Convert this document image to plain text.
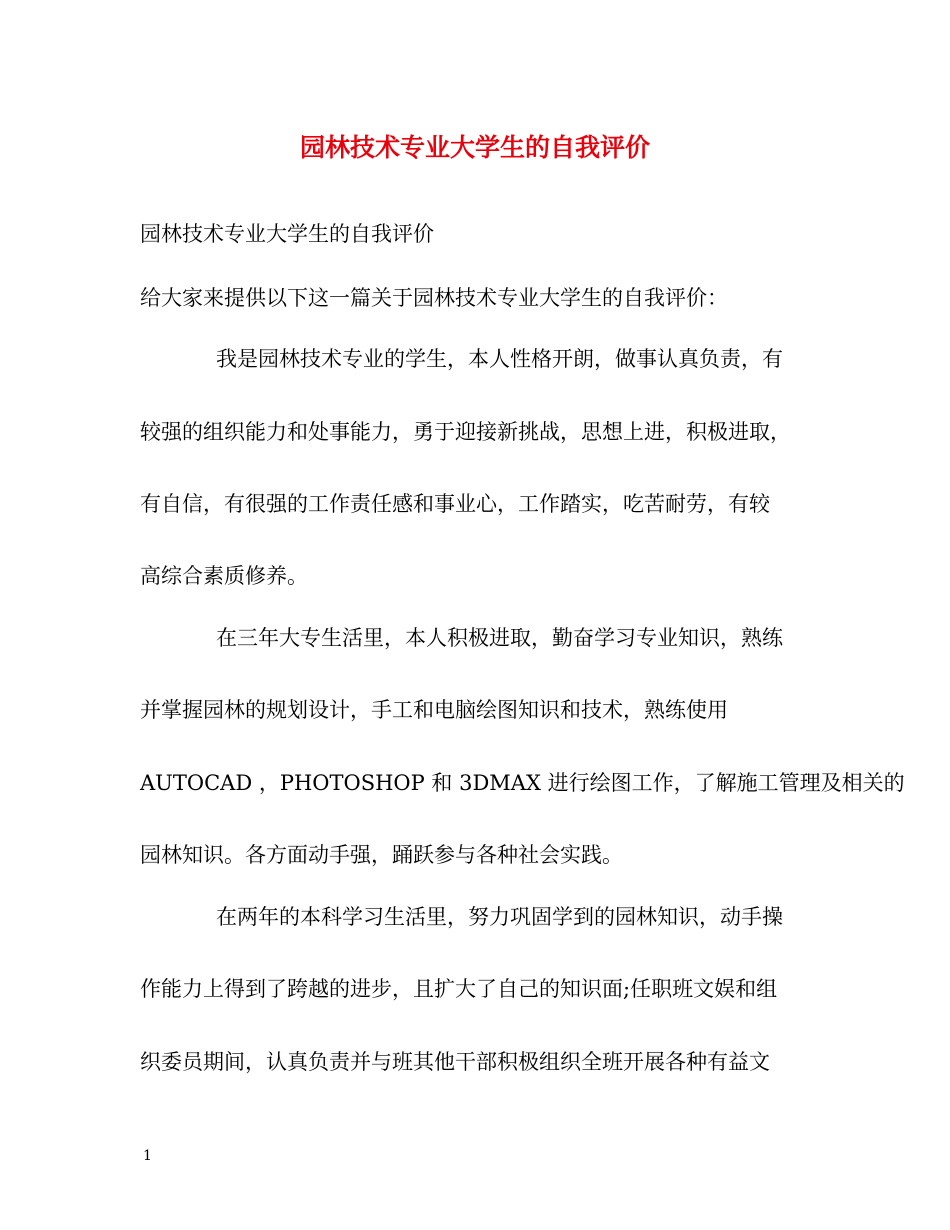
园林技术专业大学生的自我评价
园林技术专业大学生的自我评价
给大家来提供以下这一篇关于园林技术专业大学生的自我评价：
我是园林技术专业的学生，本人性格开朗，做事认真负责，有
较强的组织能力和处事能力，勇于迎接新挑战，思想上进，积极进取，
有自信，有很强的工作责任感和事业心，工作踏实，吃苦耐劳，有较
高综合素质修养。
在三年大专生活里，本人积极进取，勤奋学习专业知识，熟练
并掌握园林的规划设计，手工和电脑绘图知识和技术，熟练使用
AUTOCAD ，PHOTOSHOP 和 3DMAX 进行绘图工作，了解施工管理及相关的
园林知识。各方面动手强，踊跃参与各种社会实践。
在两年的本科学习生活里，努力巩固学到的园林知识，动手操
作能力上得到了跨越的进步，且扩大了自己的知识面;任职班文娱和组
织委员期间，认真负责并与班其他干部积极组织全班开展各种有益文
1
